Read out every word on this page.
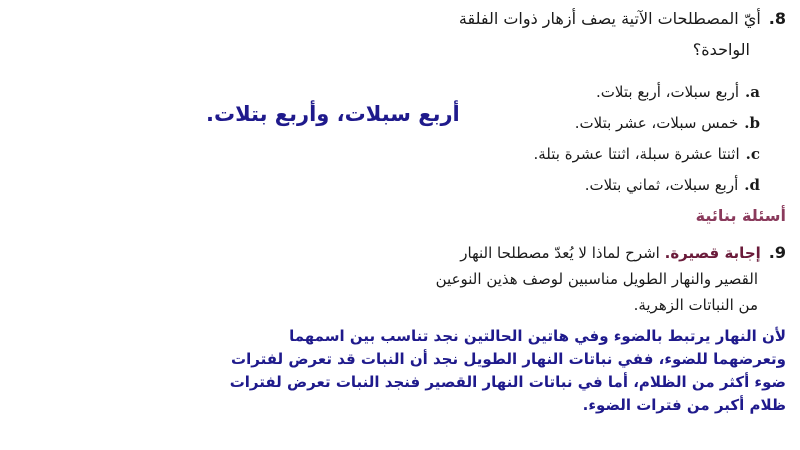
8.أيّ المصطلحات الآتية يصف أزهار ذوات الفلقة
الواحدة؟
a.أربع سبلات، أربع بتلات.
b.خمس سبلات، عشر بتلات.
c.اثنتا عشرة سبلة، اثنتا عشرة بتلة.
d.أربع سبلات، ثماني بتلات.
أربع سبلات، وأربع بتلات.
أسئلة بنائية
9.إجابة قصيرة. اشرح لماذا لا يُعدّ مصطلحا النهار
القصير والنهار الطويل مناسبين لوصف هذين النوعين
من النباتات الزهرية.
لأن النهار يرتبط بالضوء وفي هاتين الحالتين نجد تناسب بين اسمهما
وتعرضهما للضوء، ففي نباتات النهار الطويل نجد أن النبات قد تعرض لفترات
ضوء أكثر من الظلام، أما في نباتات النهار القصير فنجد النبات تعرض لفترات
ظلام أكبر من فترات الضوء.
